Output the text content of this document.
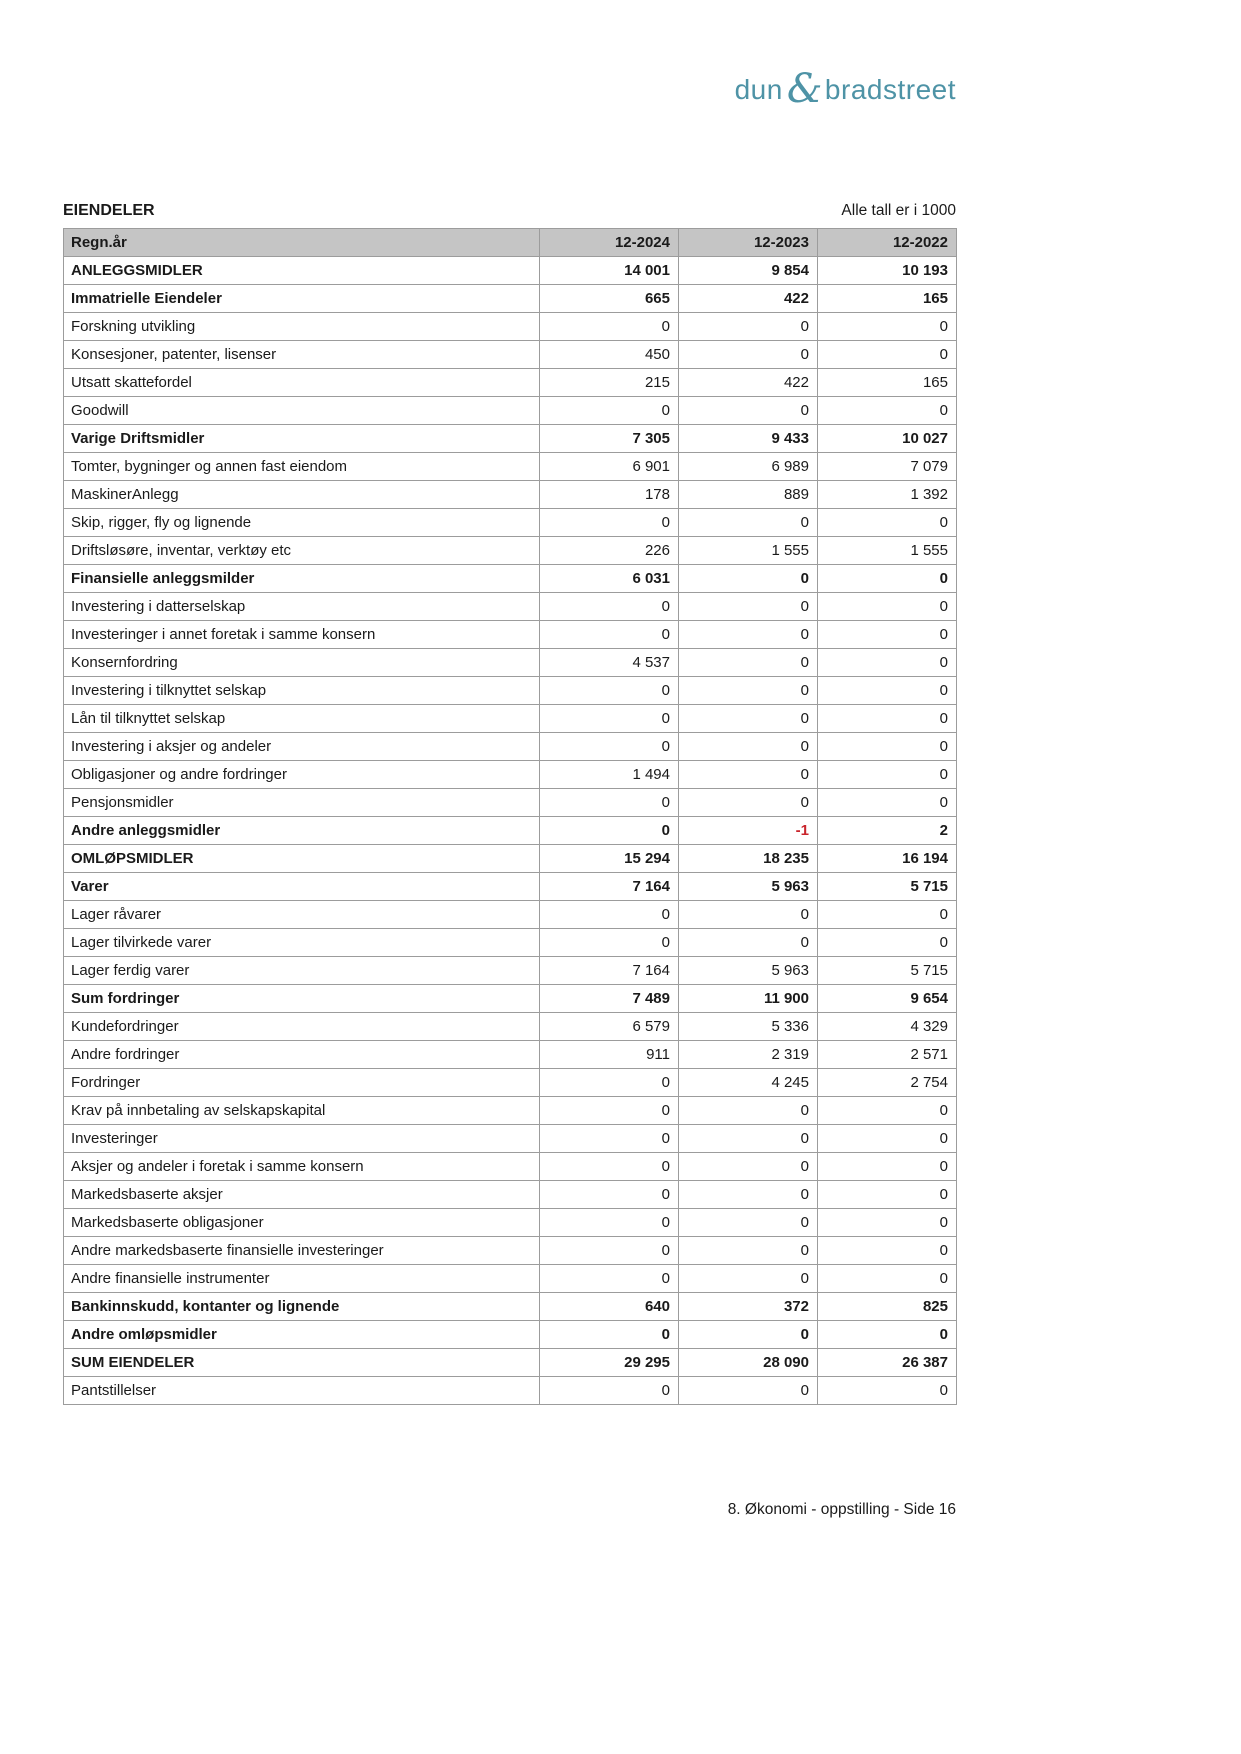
dun & bradstreet
EIENDELER	Alle tall er i 1000
Regn.år	12-2024	12-2023	12-2022
ANLEGGSMIDLER	14 001	9 854	10 193
Immatrielle Eiendeler	665	422	165
Forskning utvikling	0	0	0
Konsesjoner, patenter, lisenser	450	0	0
Utsatt skattefordel	215	422	165
Goodwill	0	0	0
Varige Driftsmidler	7 305	9 433	10 027
Tomter, bygninger og annen fast eiendom	6 901	6 989	7 079
MaskinerAnlegg	178	889	1 392
Skip, rigger, fly og lignende	0	0	0
Driftsløsøre, inventar, verktøy etc	226	1 555	1 555
Finansielle anleggsmilder	6 031	0	0
Investering i datterselskap	0	0	0
Investeringer i annet foretak i samme konsern	0	0	0
Konsernfordring	4 537	0	0
Investering i tilknyttet selskap	0	0	0
Lån til tilknyttet selskap	0	0	0
Investering i aksjer og andeler	0	0	0
Obligasjoner og andre fordringer	1 494	0	0
Pensjonsmidler	0	0	0
Andre anleggsmidler	0	-1	2
OMLØPSMIDLER	15 294	18 235	16 194
Varer	7 164	5 963	5 715
Lager råvarer	0	0	0
Lager tilvirkede varer	0	0	0
Lager ferdig varer	7 164	5 963	5 715
Sum fordringer	7 489	11 900	9 654
Kundefordringer	6 579	5 336	4 329
Andre fordringer	911	2 319	2 571
Fordringer	0	4 245	2 754
Krav på innbetaling av selskapskapital	0	0	0
Investeringer	0	0	0
Aksjer og andeler i foretak i samme konsern	0	0	0
Markedsbaserte aksjer	0	0	0
Markedsbaserte obligasjoner	0	0	0
Andre markedsbaserte finansielle investeringer	0	0	0
Andre finansielle instrumenter	0	0	0
Bankinnskudd, kontanter og lignende	640	372	825
Andre omløpsmidler	0	0	0
SUM EIENDELER	29 295	28 090	26 387
Pantstillelser	0	0	0
8. Økonomi - oppstilling - Side 16
